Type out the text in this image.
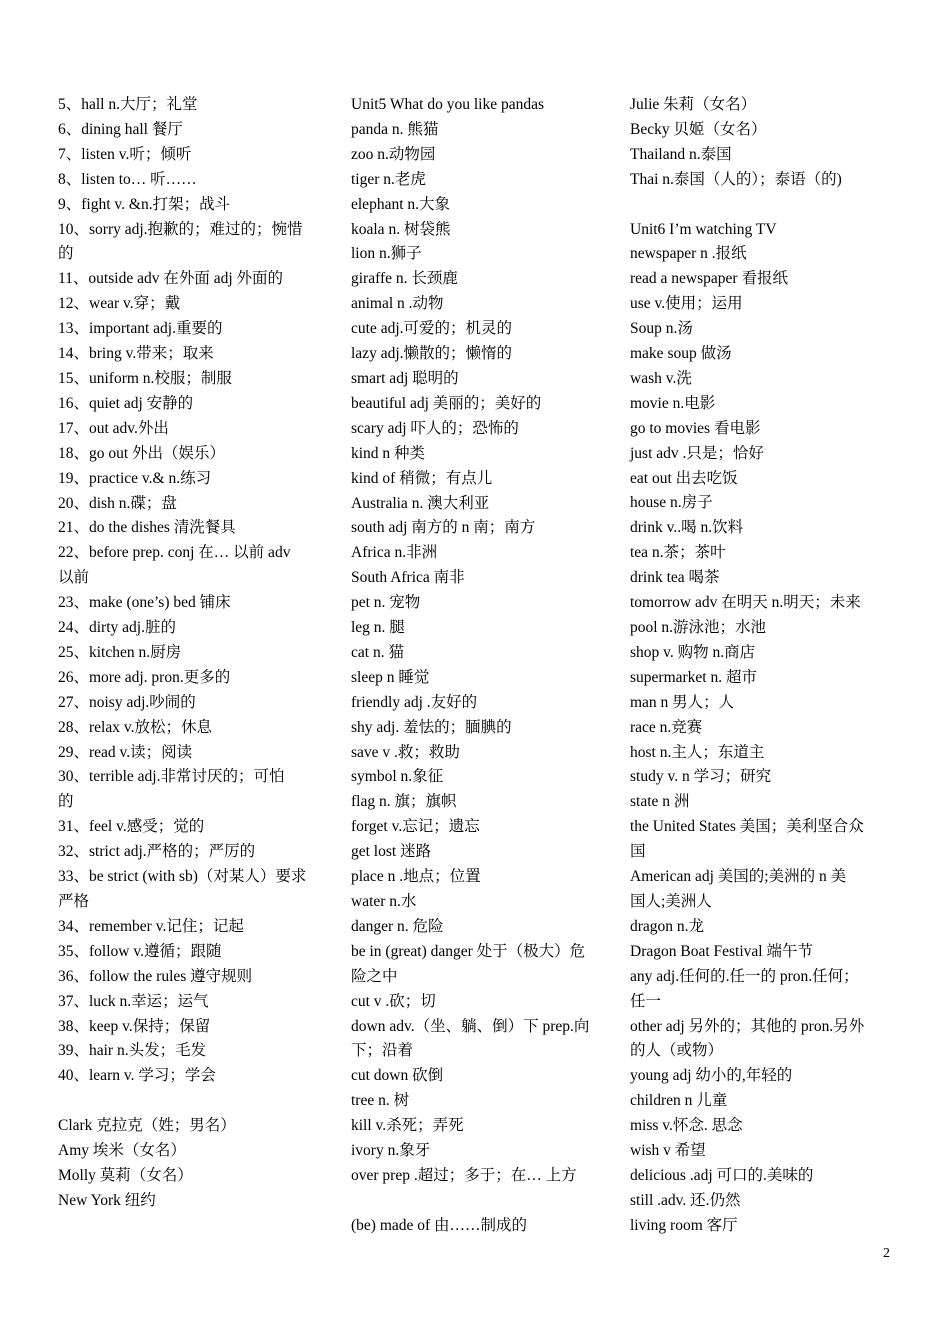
5、hall n.大厅；礼堂
6、dining hall 餐厅
7、listen v.听；倾听
8、listen to… 听……
9、fight v. &n.打架；战斗
10、sorry adj.抱歉的；难过的；惋惜
的
11、outside adv 在外面 adj 外面的
12、wear v.穿；戴
13、important adj.重要的
14、bring v.带来；取来
15、uniform n.校服；制服
16、quiet adj 安静的
17、out adv.外出
18、go out 外出（娱乐）
19、practice v.& n.练习
20、dish n.碟；盘
21、do the dishes 清洗餐具
22、before prep. conj 在… 以前 adv
以前
23、make (one’s) bed 铺床
24、dirty adj.脏的
25、kitchen n.厨房
26、more adj. pron.更多的
27、noisy adj.吵闹的
28、relax v.放松；休息
29、read v.读；阅读
30、terrible adj.非常讨厌的；可怕
的
31、feel v.感受；觉的
32、strict adj.严格的；严厉的
33、be strict (with sb)（对某人）要求
严格
34、remember v.记住；记起
35、follow v.遵循；跟随
36、follow the rules 遵守规则
37、luck n.幸运；运气
38、keep v.保持；保留
39、hair n.头发；毛发
40、learn v. 学习；学会
Clark 克拉克（姓；男名）
Amy 埃米（女名）
Molly 莫莉（女名）
New York 纽约
Unit5 What do you like pandas
panda n. 熊猫
zoo n.动物园
tiger n.老虎
elephant n.大象
koala n. 树袋熊
lion n.狮子
giraffe n. 长颈鹿
animal n .动物
cute adj.可爱的；机灵的
lazy adj.懒散的；懒惰的
smart adj 聪明的
beautiful adj 美丽的；美好的
scary adj 吓人的；恐怖的
kind n 种类
kind of 稍微；有点儿
Australia n. 澳大利亚
south adj 南方的 n 南；南方
Africa n.非洲
South Africa 南非
pet n. 宠物
leg n. 腿
cat n. 猫
sleep n 睡觉
friendly adj .友好的
shy adj. 羞怯的；腼腆的
save v .救；救助
symbol n.象征
flag n. 旗；旗帜
forget v.忘记；遗忘
get lost 迷路
place n .地点；位置
water n.水
danger n. 危险
be in (great) danger 处于（极大）危
险之中
cut v .砍；切
down adv.（坐、躺、倒）下 prep.向
下；沿着
cut down 砍倒
tree n. 树
kill v.杀死；弄死
ivory n.象牙
over prep .超过；多于；在… 上方
(be) made of 由……制成的
Julie 朱莉（女名）
Becky 贝姬（女名）
Thailand n.泰国
Thai n.泰国（人的）；泰语（的)
Unit6 I’m watching TV
newspaper n .报纸
read a newspaper 看报纸
use v.使用；运用
Soup n.汤
make soup 做汤
wash v.洗
movie n.电影
go to movies 看电影
just adv .只是；恰好
eat out 出去吃饭
house n.房子
drink v..喝 n.饮料
tea n.茶；茶叶
drink tea 喝茶
tomorrow adv 在明天 n.明天；未来
pool n.游泳池；水池
shop v. 购物 n.商店
supermarket n. 超市
man n 男人；人
race n.竞赛
host n.主人；东道主
study v. n 学习；研究
state n 洲
the United States 美国；美利坚合众
国
American adj 美国的;美洲的 n 美
国人;美洲人
dragon n.龙
Dragon Boat Festival 端午节
any adj.任何的.任一的 pron.任何；
任一
other adj 另外的；其他的 pron.另外
的人（或物）
young adj 幼小的,年轻的
children n 儿童
miss v.怀念. 思念
wish v 希望
delicious .adj 可口的.美味的
still .adv. 还.仍然
living room 客厅
2
